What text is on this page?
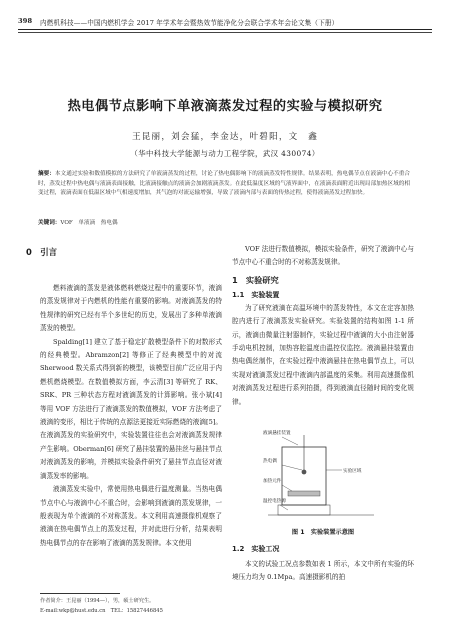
398 内燃机科技——中国内燃机学会 2017 年学术年会暨热效节能净化分会联合学术年会论文集（下册）
热电偶节点影响下单液滴蒸发过程的实验与模拟研究
王昆丽，刘会猛，李金达，叶碧阳，文　鑫
（华中科技大学能源与动力工程学院，武汉 430074）
摘要：本文通过实验和数值模拟的方法研究了单液滴蒸发的过程，讨论了热电偶影响下的液滴蒸发特性规律。结果表明，热电偶节点在液滴中心不重合时，蒸发过程中热电偶与液滴表面接触，比液滴接触点的液滴会加剧液滴蒸发。在此低温度区域的气液界面中，在液滴表面附近出现局部加热区域的相变过程，液滴表面在低温区域中气相速度增加，其气泡的对流运输增强，导致了液滴内部与表面的传热过程，使得液滴蒸发过程加快。
关键词：VOF　单液滴　热电偶
0　引言

燃料液滴的蒸发是液体燃料燃烧过程中的重要环节，液滴的蒸发规律对于内燃机的性能有重要的影响。对液滴蒸发的特性规律的研究已经有半个多世纪的历史，发展出了多种单液滴蒸发的模型。

Spalding[1] 建立了基于稳定扩散模型条件下的对数形式的经典模型。Abramzon[2] 等修正了经典模型中的对流 Sherwood 数关系式得到新的模型，该模型目前广泛应用于内燃机燃烧模型。在数值模拟方面，李云清[3] 等研究了 RK、SRK、PR 三种状态方程对液滴蒸发的计算影响。张小斌[4] 等用 VOF 方法进行了液滴蒸发的数值模拟，VOF 方法考虑了液滴的变形，相比于传统的点源法更接近实际燃烧的液滴[5]。在液滴蒸发的实验研究中，实验装置往往也会对液滴蒸发规律产生影响。Oberman[6] 研究了悬挂装置的悬挂丝与悬挂节点对液滴蒸发的影响，并模拟实验条件研究了悬挂节点直径对液滴蒸发率的影响。

液滴蒸发实验中，常使用热电偶进行温度测量。当热电偶节点中心与液滴中心不重合时，会影响到液滴的蒸发规律，一般表现为单个液滴的不对称蒸发。本文利用高速摄像机观察了液滴在热电偶节点上的蒸发过程，并对此进行分析，结果表明热电偶节点的存在影响了液滴的蒸发规律。本文使用

作者简介：王昆丽（1994—），男，硕士研究生。
E-mail:wkp@hust.edu.cn　TEL：15827446845

VOF 法进行数值模拟，模拟实验条件，研究了液滴中心与节点中心不重合时的不对称蒸发规律。

1　实验研究

1.1　实验装置

为了研究液滴在高温环境中的蒸发特性，本文在定容加热腔内进行了液滴蒸发实验研究。实验装置的结构如图 1-1 所示，液滴由微量注射器制作，实验过程中液滴的大小由注射器手动电机控制，加热容腔温度由温控仪监控。液滴悬挂装置由热电偶丝制作，在实验过程中液滴悬挂在热电偶节点上，可以实现对液滴蒸发过程中液滴内部温度的采集。利用高速摄像机对液滴蒸发过程进行系列拍摄，得到液滴直径随时间的变化规律。

液滴悬挂装置
热电偶
加热元件
实验区域
温控电热源
图 1　实验装置示意图

1.2　实验工况

本文的试验工况点参数如表 1 所示，本文中所有实验的环境压力均为 0.1Mpa。高速摄影机的拍
